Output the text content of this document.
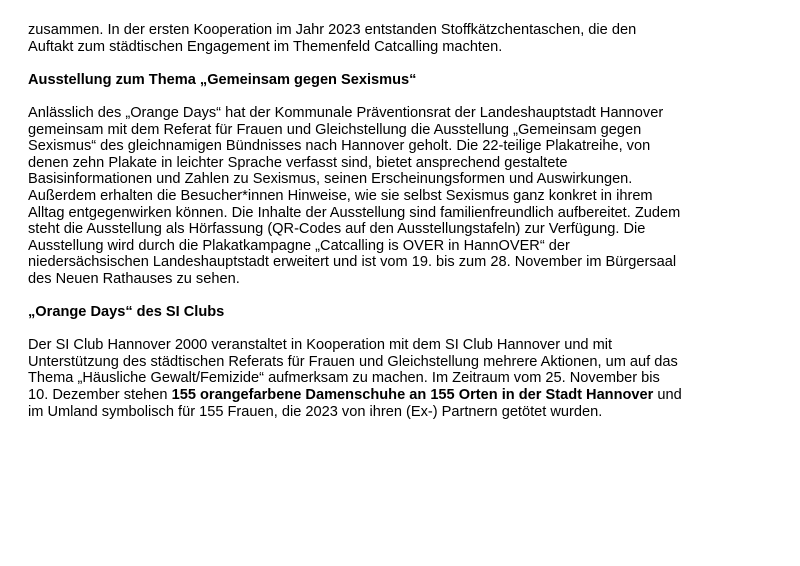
zusammen. In der ersten Kooperation im Jahr 2023 entstanden Stoffkätzchentaschen, die den
Auftakt zum städtischen Engagement im Themenfeld Catcalling machten.

Ausstellung zum Thema „Gemeinsam gegen Sexismus“

Anlässlich des „Orange Days“ hat der Kommunale Präventionsrat der Landeshauptstadt Hannover
gemeinsam mit dem Referat für Frauen und Gleichstellung die Ausstellung „Gemeinsam gegen
Sexismus“ des gleichnamigen Bündnisses nach Hannover geholt. Die 22-teilige Plakatreihe, von
denen zehn Plakate in leichter Sprache verfasst sind, bietet ansprechend gestaltete
Basisinformationen und Zahlen zu Sexismus, seinen Erscheinungsformen und Auswirkungen.
Außerdem erhalten die Besucher*innen Hinweise, wie sie selbst Sexismus ganz konkret in ihrem
Alltag entgegenwirken können. Die Inhalte der Ausstellung sind familienfreundlich aufbereitet. Zudem
steht die Ausstellung als Hörfassung (QR-Codes auf den Ausstellungstafeln) zur Verfügung. Die
Ausstellung wird durch die Plakatkampagne „Catcalling is OVER in HannOVER“ der
niedersächsischen Landeshauptstadt erweitert und ist vom 19. bis zum 28. November im Bürgersaal
des Neuen Rathauses zu sehen.

„Orange Days“ des SI Clubs

Der SI Club Hannover 2000 veranstaltet in Kooperation mit dem SI Club Hannover und mit
Unterstützung des städtischen Referats für Frauen und Gleichstellung mehrere Aktionen, um auf das
Thema „Häusliche Gewalt/Femizide“ aufmerksam zu machen. Im Zeitraum vom 25. November bis
10. Dezember stehen 155 orangefarbene Damenschuhe an 155 Orten in der Stadt Hannover und
im Umland symbolisch für 155 Frauen, die 2023 von ihren (Ex-) Partnern getötet wurden.
